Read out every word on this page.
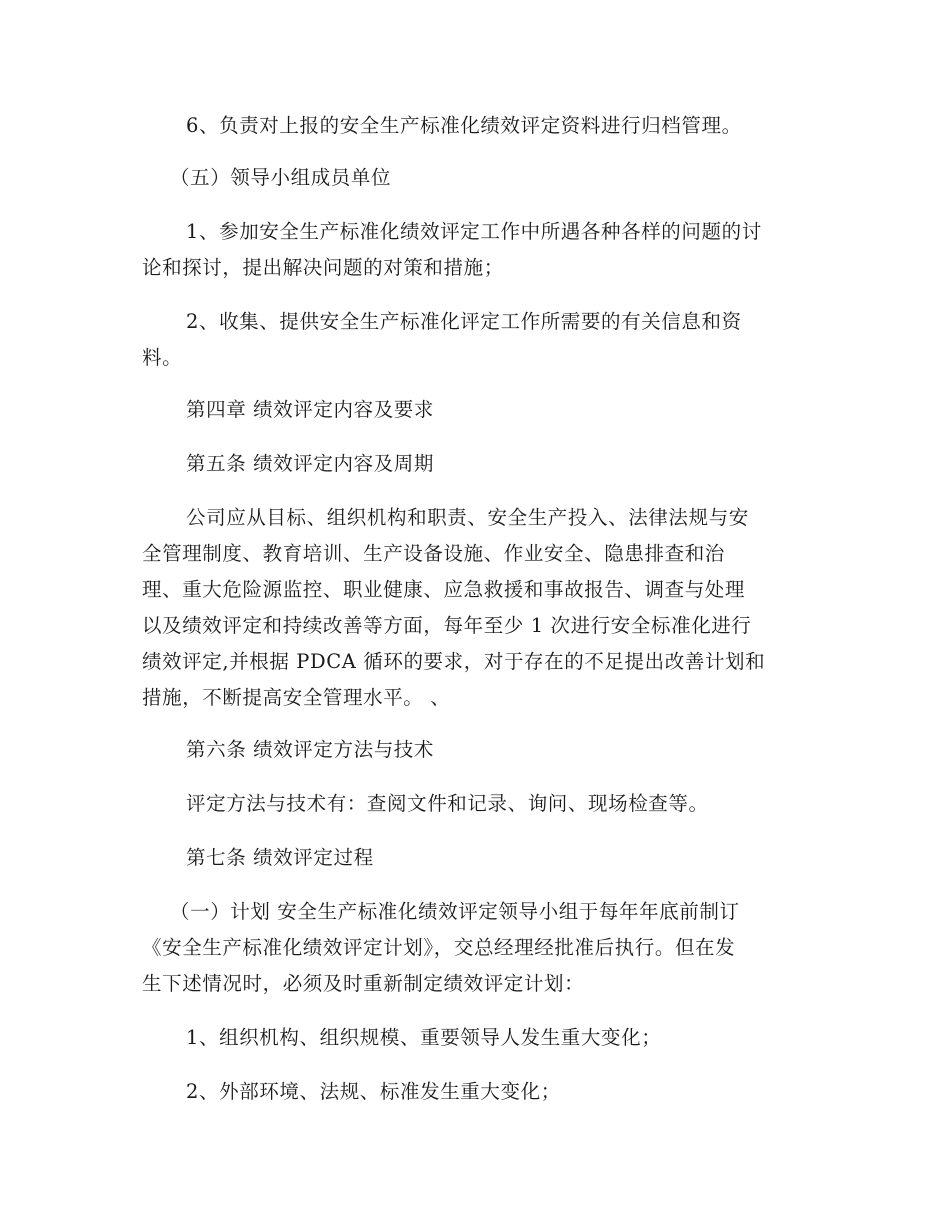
6、负责对上报的安全生产标准化绩效评定资料进行归档管理。

（五）领导小组成员单位

1、参加安全生产标准化绩效评定工作中所遇各种各样的问题的讨
论和探讨，提出解决问题的对策和措施；

2、收集、提供安全生产标准化评定工作所需要的有关信息和资
料。

第四章 绩效评定内容及要求

第五条 绩效评定内容及周期

公司应从目标、组织机构和职责、安全生产投入、法律法规与安
全管理制度、教育培训、生产设备设施、作业安全、隐患排查和治
理、重大危险源监控、职业健康、应急救援和事故报告、调查与处理
以及绩效评定和持续改善等方面，每年至少 1 次进行安全标准化进行
绩效评定,并根据 PDCA 循环的要求，对于存在的不足提出改善计划和
措施，不断提高安全管理水平。 、

第六条 绩效评定方法与技术

评定方法与技术有：查阅文件和记录、询问、现场检查等。

第七条 绩效评定过程

（一）计划 安全生产标准化绩效评定领导小组于每年年底前制订
《安全生产标准化绩效评定计划》，交总经理经批准后执行。但在发
生下述情况时，必须及时重新制定绩效评定计划：

1、组织机构、组织规模、重要领导人发生重大变化；

2、外部环境、法规、标准发生重大变化；
